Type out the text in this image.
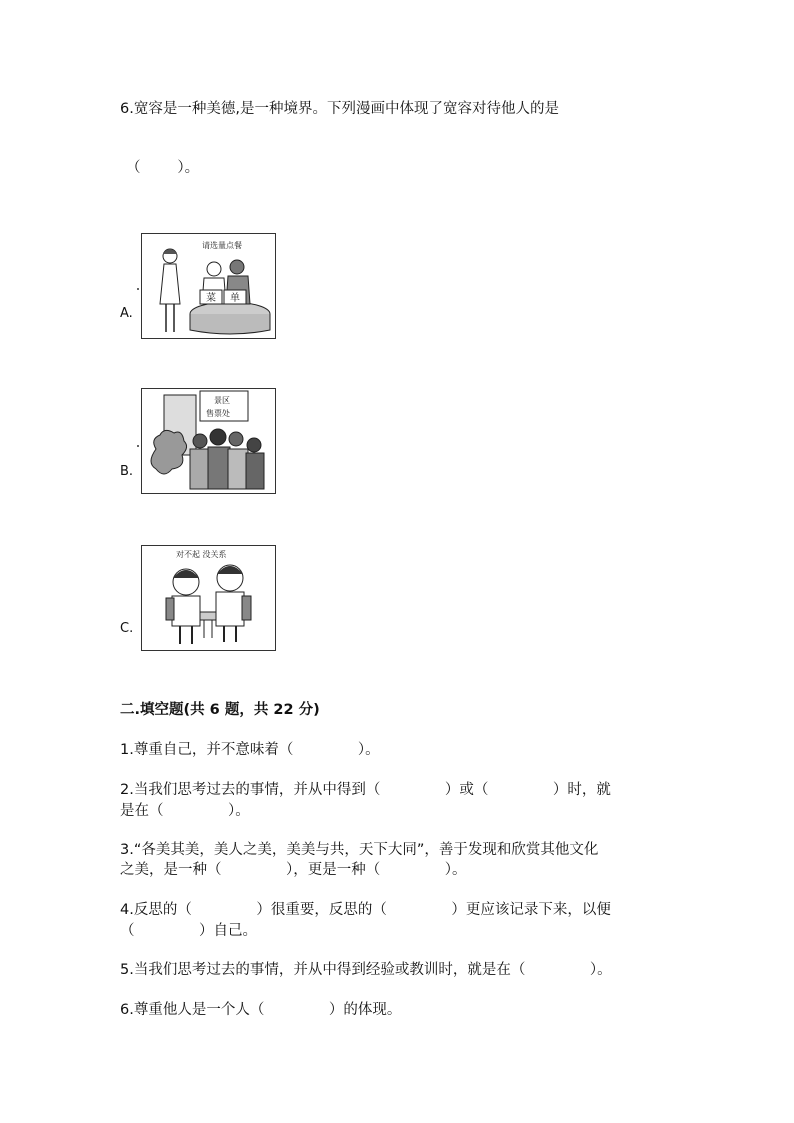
6.宽容是一种美德,是一种境界。下列漫画中体现了宽容对待他人的是
（        ）。
A.
请选量点餐
菜 单
B.
景区
售票处
C.
对不起 没关系
二.填空题(共 6 题，共 22 分)
1.尊重自己，并不意味着（              ）。
2.当我们思考过去的事情，并从中得到（              ）或（              ）时，就
是在（              ）。
3.“各美其美，美人之美，美美与共，天下大同”，善于发现和欣赏其他文化
之美，是一种（              ），更是一种（              ）。
4.反思的（              ）很重要，反思的（              ）更应该记录下来，以便
（              ）自己。
5.当我们思考过去的事情，并从中得到经验或教训时，就是在（              ）。
6.尊重他人是一个人（              ）的体现。
